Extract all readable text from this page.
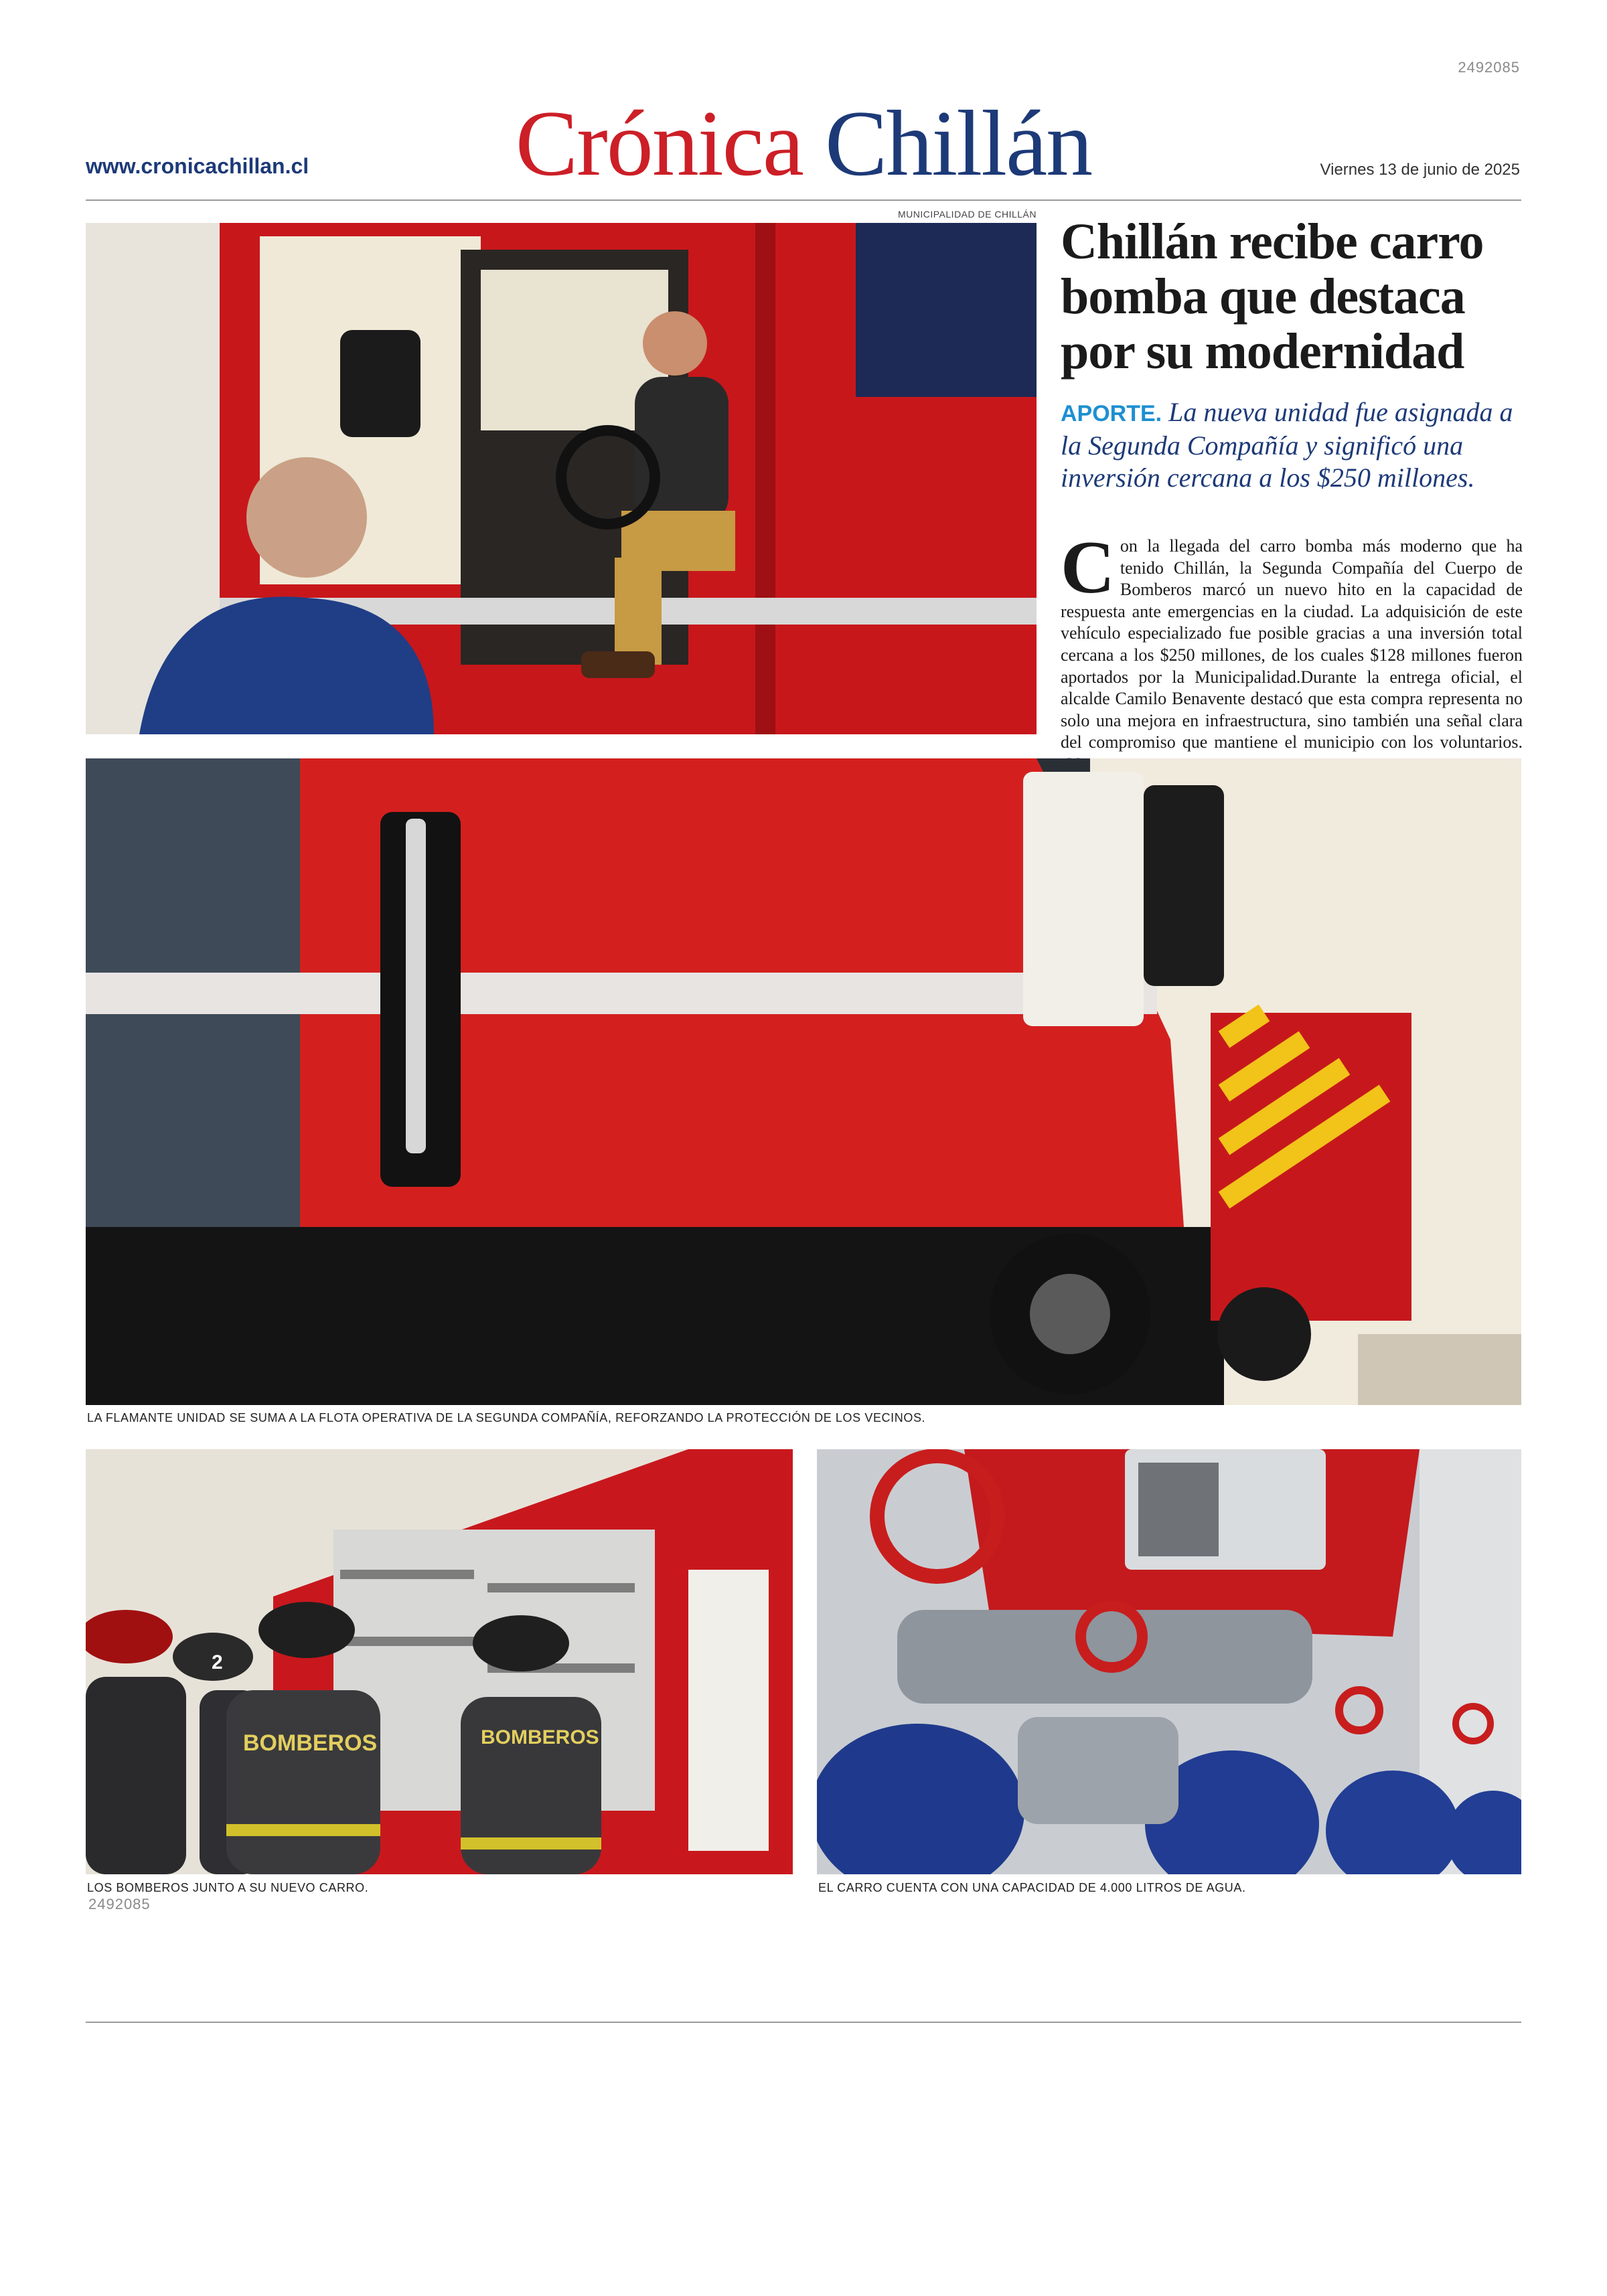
2492085
www.cronicachillan.cl	Crónica Chillán	Viernes 13 de junio de 2025
MUNICIPALIDAD DE CHILLÁN Chillán recibe carro bomba que destaca por su modernidad
APORTE. La nueva unidad fue asignada a la Segunda Compañía y significó una inversión cercana a los $250 millones.
Con la llegada del carro bomba más moderno que ha tenido Chillán, la Segunda Compañía del Cuerpo de Bomberos marcó un nuevo hito en la capacidad de respuesta ante emergencias en la ciudad. La adquisición de este vehículo especializado fue posible gracias a una inversión total cercana a los $250 millones, de los cuales $128 millones fueron aportados por la Municipalidad.Durante la entrega oficial, el alcalde Camilo Benavente destacó que esta compra representa no solo una mejora en infraestructura, sino también una señal clara del compromiso que mantiene el municipio con los voluntarios.
LA FLAMANTE UNIDAD SE SUMA A LA FLOTA OPERATIVA DE LA SEGUNDA COMPAÑÍA, REFORZANDO LA PROTECCIÓN DE LOS VECINOS.
2
BOMBEROS	BOMBEROS
LOS BOMBEROS JUNTO A SU NUEVO CARRO.	EL CARRO CUENTA CON UNA CAPACIDAD DE 4.000 LITROS DE AGUA.
2492085
